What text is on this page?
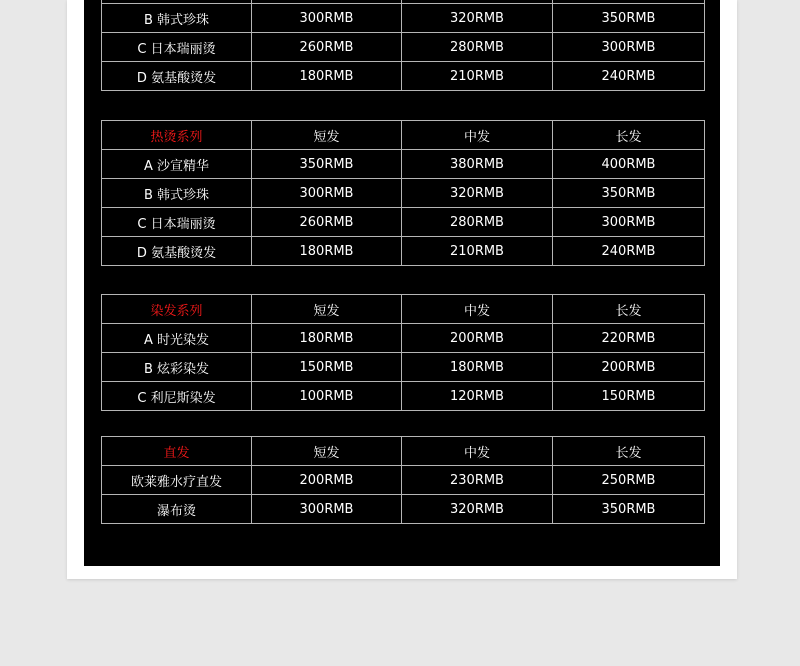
B 韩式珍珠	300RMB	320RMB	350RMB
C 日本瑞丽烫	260RMB	280RMB	300RMB
D 氨基酸烫发	180RMB	210RMB	240RMB
热烫系列	短发	中发	长发
A 沙宣精华	350RMB	380RMB	400RMB
B 韩式珍珠	300RMB	320RMB	350RMB
C 日本瑞丽烫	260RMB	280RMB	300RMB
D 氨基酸烫发	180RMB	210RMB	240RMB
染发系列	短发	中发	长发
A 时光染发	180RMB	200RMB	220RMB
B 炫彩染发	150RMB	180RMB	200RMB
C 利尼斯染发	100RMB	120RMB	150RMB
直发	短发	中发	长发
欧莱雅水疗直发	200RMB	230RMB	250RMB
瀑布烫	300RMB	320RMB	350RMB
